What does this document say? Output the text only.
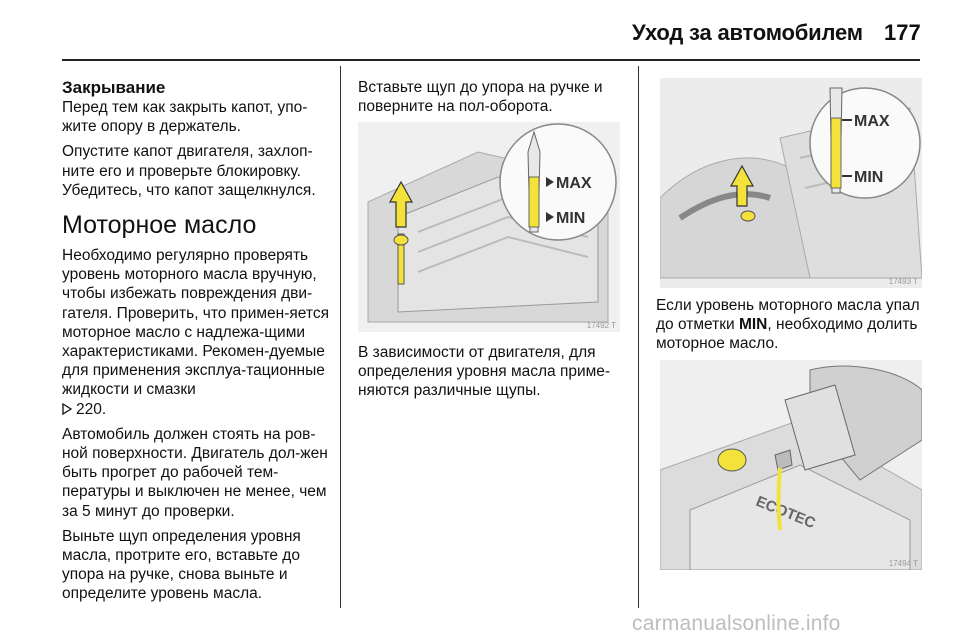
Уход за автомобилем 177
Закрывание

Перед тем как закрыть капот, упо-жите опору в держатель.

Опустите капот двигателя, захлоп-ните его и проверьте блокировку. Убедитесь, что капот защелкнулся.

Моторное масло

Необходимо регулярно проверять уровень моторного масла вручную, чтобы избежать повреждения дви-гателя. Проверить, что примен-яется моторное масло с надлежа-щими характеристиками. Рекомен-дуемые для применения эксплуа-тационные жидкости и смазки
220.

Автомобиль должен стоять на ров-ной поверхности. Двигатель дол-жен быть прогрет до рабочей тем-пературы и выключен не менее, чем за 5 минут до проверки.

Выньте щуп определения уровня масла, протрите его, вставьте до упора на ручке, снова выньте и определите уровень масла.

Вставьте щуп до упора на ручке и поверните на пол-оборота.

MAX
MIN
17492 T
В зависимости от двигателя, для определения уровня масла приме-няются различные щупы.
MAX
MIN
17493 T
Если уровень моторного масла упал до отметки MIN, необходимо долить моторное масло.
ECOTEC
17494 T
carmanualsonline.info
